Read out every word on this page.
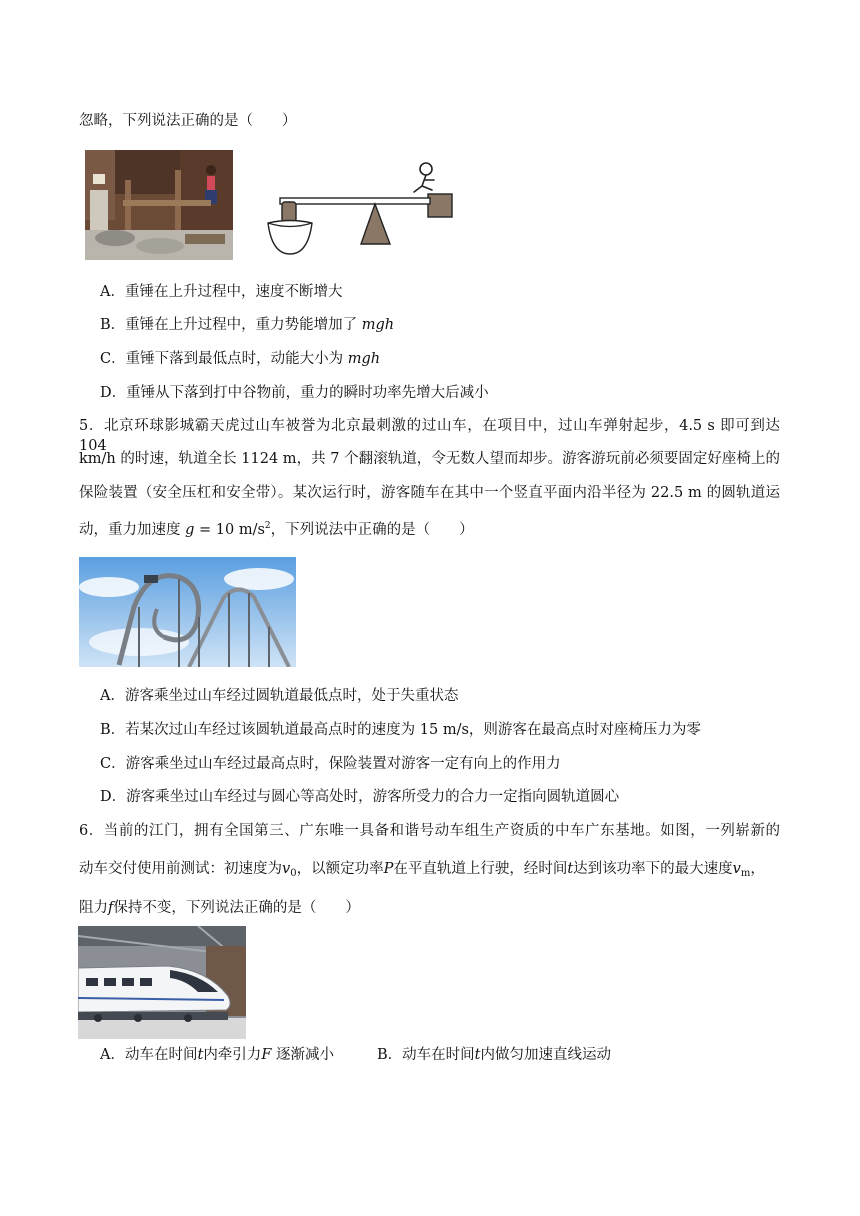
忽略，下列说法正确的是（　　）
A．重锤在上升过程中，速度不断增大
B．重锤在上升过程中，重力势能增加了 mgh
C．重锤下落到最低点时，动能大小为 mgh
D．重锤从下落到打中谷物前，重力的瞬时功率先增大后减小
5．北京环球影城霸天虎过山车被誉为北京最刺激的过山车，在项目中，过山车弹射起步，4.5 s 即可到达 104
km/h 的时速，轨道全长 1124 m，共 7 个翻滚轨道，令无数人望而却步。游客游玩前必须要固定好座椅上的
保险装置（安全压杠和安全带）。某次运行时，游客随车在其中一个竖直平面内沿半径为 22.5 m 的圆轨道运
动，重力加速度 g = 10 $m/s^2$，下列说法中正确的是（　　）
A．游客乘坐过山车经过圆轨道最低点时，处于失重状态
B．若某次过山车经过该圆轨道最高点时的速度为 15 m/s，则游客在最高点时对座椅压力为零
C．游客乘坐过山车经过最高点时，保险装置对游客一定有向上的作用力
D．游客乘坐过山车经过与圆心等高处时，游客所受力的合力一定指向圆轨道圆心
6．当前的江门，拥有全国第三、广东唯一具备和谐号动车组生产资质的中车广东基地。如图，一列崭新的
动车交付使用前测试：初速度为$v_0$，以额定功率P在平直轨道上行驶，经时间t达到该功率下的最大速度$v_m$，
阻力f保持不变，下列说法正确的是（　　）
A．动车在时间t内牵引力F 逐渐减小	B．动车在时间t内做匀加速直线运动
